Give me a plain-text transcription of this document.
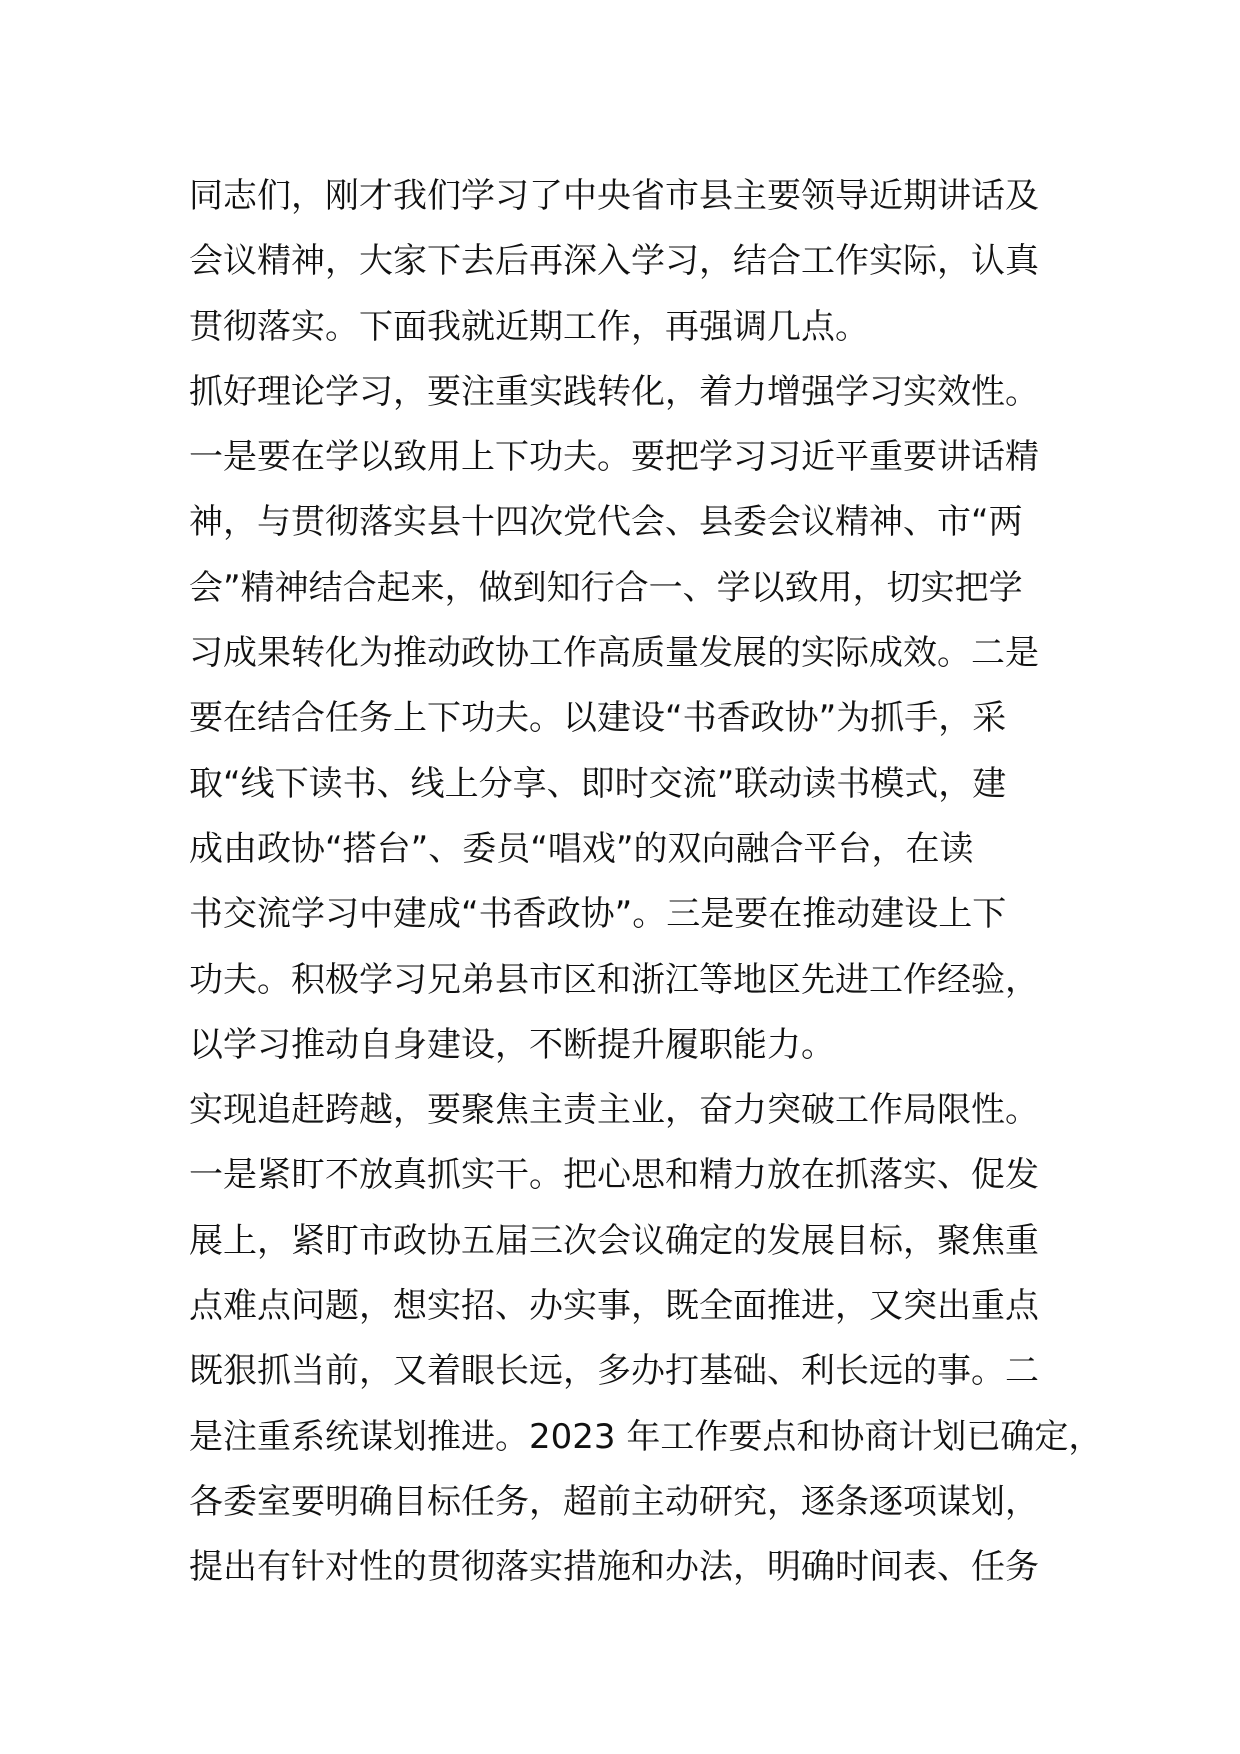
同志们，刚才我们学习了中央省市县主要领导近期讲话及
会议精神，大家下去后再深入学习，结合工作实际，认真
贯彻落实。下面我就近期工作，再强调几点。
抓好理论学习，要注重实践转化，着力增强学习实效性。
一是要在学以致用上下功夫。要把学习习近平重要讲话精
神，与贯彻落实县十四次党代会、县委会议精神、市“两
会”精神结合起来，做到知行合一、学以致用，切实把学
习成果转化为推动政协工作高质量发展的实际成效。二是
要在结合任务上下功夫。以建设“书香政协”为抓手，采
取“线下读书、线上分享、即时交流”联动读书模式，建
成由政协“搭台”、委员“唱戏”的双向融合平台，在读
书交流学习中建成“书香政协”。三是要在推动建设上下
功夫。积极学习兄弟县市区和浙江等地区先进工作经验，
以学习推动自身建设，不断提升履职能力。
实现追赶跨越，要聚焦主责主业，奋力突破工作局限性。
一是紧盯不放真抓实干。把心思和精力放在抓落实、促发
展上，紧盯市政协五届三次会议确定的发展目标，聚焦重
点难点问题，想实招、办实事，既全面推进，又突出重点
既狠抓当前，又着眼长远，多办打基础、利长远的事。二
是注重系统谋划推进。2023 年工作要点和协商计划已确定，
各委室要明确目标任务，超前主动研究，逐条逐项谋划，
提出有针对性的贯彻落实措施和办法，明确时间表、任务
